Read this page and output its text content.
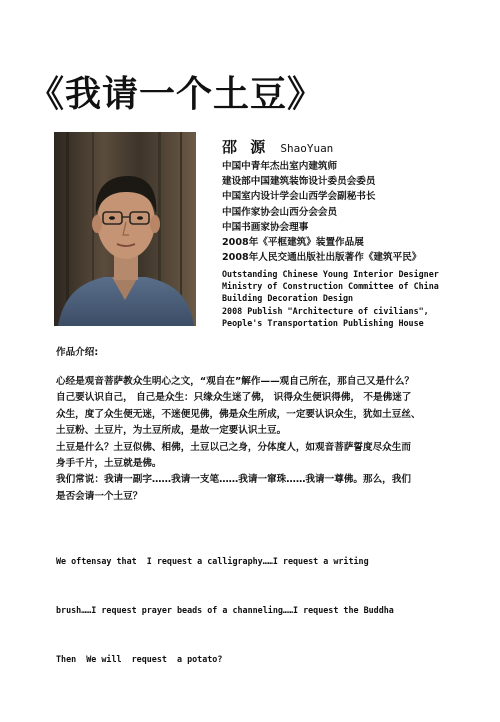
《我请一个土豆》
邵 源 ShaoYuan
中国中青年杰出室内建筑师
建设部中国建筑装饰设计委员会委员
中国室内设计学会山西学会副秘书长
中国作家协会山西分会会员
中国书画家协会理事
2008年《平框建筑》装置作品展
2008年人民交通出版社出版著作《建筑平民》
Outstanding Chinese Young Interior Designer
Ministry of Construction Committee of China
Building Decoration Design
2008 Publish "Architecture of civilians",
People's Transportation Publishing House
作品介绍:
心经是观音菩萨教众生明心之文，“观自在”解作——观自己所在，那自己又是什么？
自己要认识自己， 自己是众生：只缘众生迷了佛， 识得众生便识得佛， 不是佛迷了
众生，度了众生便无迷，不迷便见佛，佛是众生所成，一定要认识众生，犹如土豆丝、
土豆粉、土豆片，为土豆所成，是故一定要认识土豆。
土豆是什么？土豆似佛、相佛，土豆以己之身，分体度人，如观音菩萨誓度尽众生而
身手千片，土豆就是佛。
我们常说：我请一副字……我请一支笔……我请一窜珠……我请一尊佛。那么，我们
是否会请一个土豆？

We oftensay that  I request a calligraphy……I request a writing

brush……I request prayer beads of a channeling……I request the Buddha

Then  We will  request  a potato?
